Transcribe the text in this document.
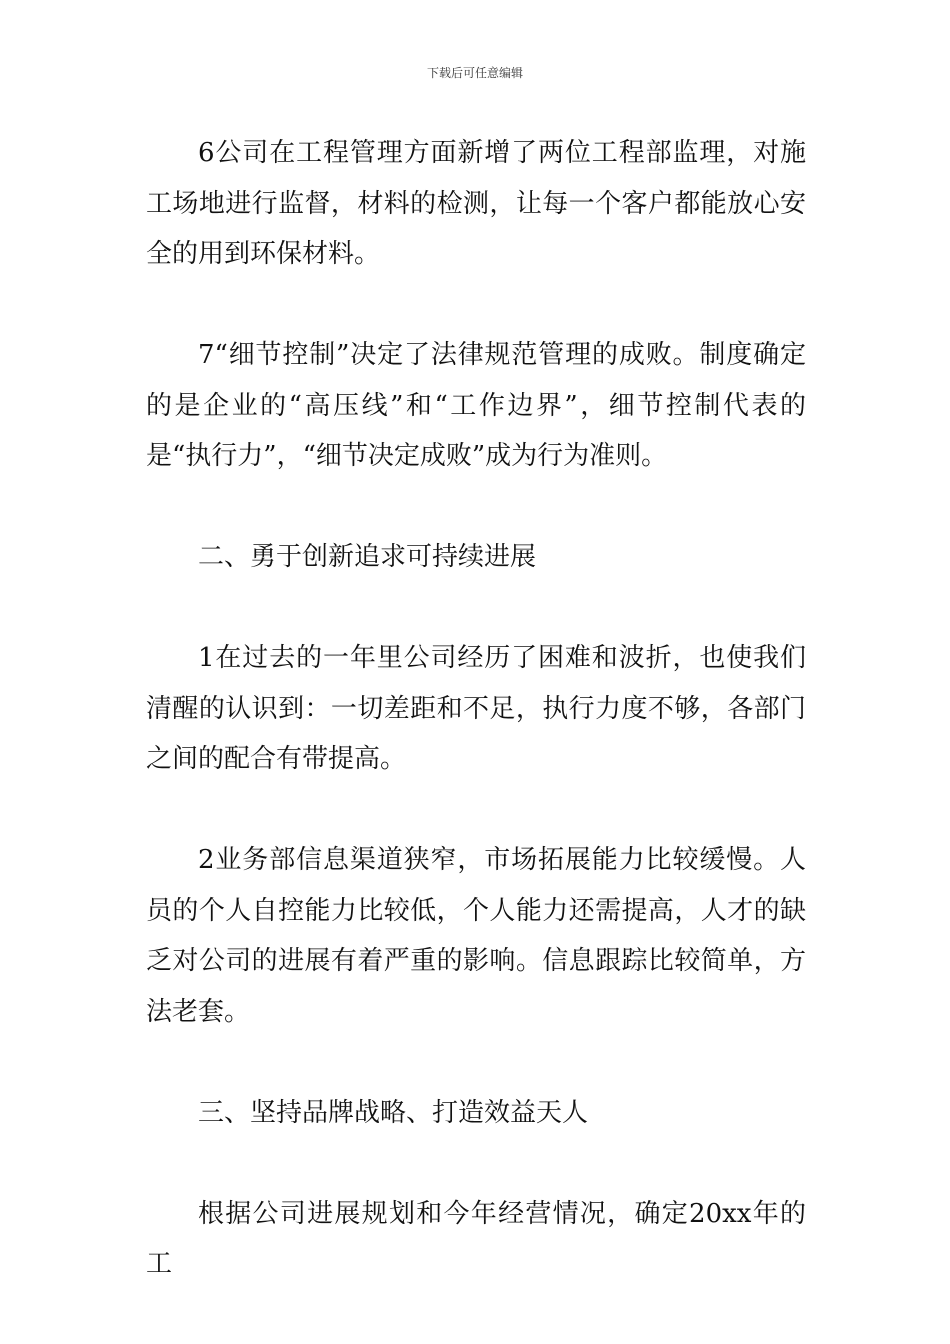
下载后可任意编辑

6公司在工程管理方面新增了两位工程部监理，对施工场地进行监督，材料的检测，让每一个客户都能放心安全的用到环保材料。

7“细节控制”决定了法律规范管理的成败。制度确定的是企业的“高压线”和“工作边界”，细节控制代表的是“执行力”，“细节决定成败”成为行为准则。

二、勇于创新追求可持续进展

1在过去的一年里公司经历了困难和波折，也使我们清醒的认识到：一切差距和不足，执行力度不够，各部门之间的配合有带提高。

2业务部信息渠道狭窄，市场拓展能力比较缓慢。人员的个人自控能力比较低，个人能力还需提高，人才的缺乏对公司的进展有着严重的影响。信息跟踪比较简单，方法老套。

三、坚持品牌战略、打造效益天人

根据公司进展规划和今年经营情况，确定20xx年的工
